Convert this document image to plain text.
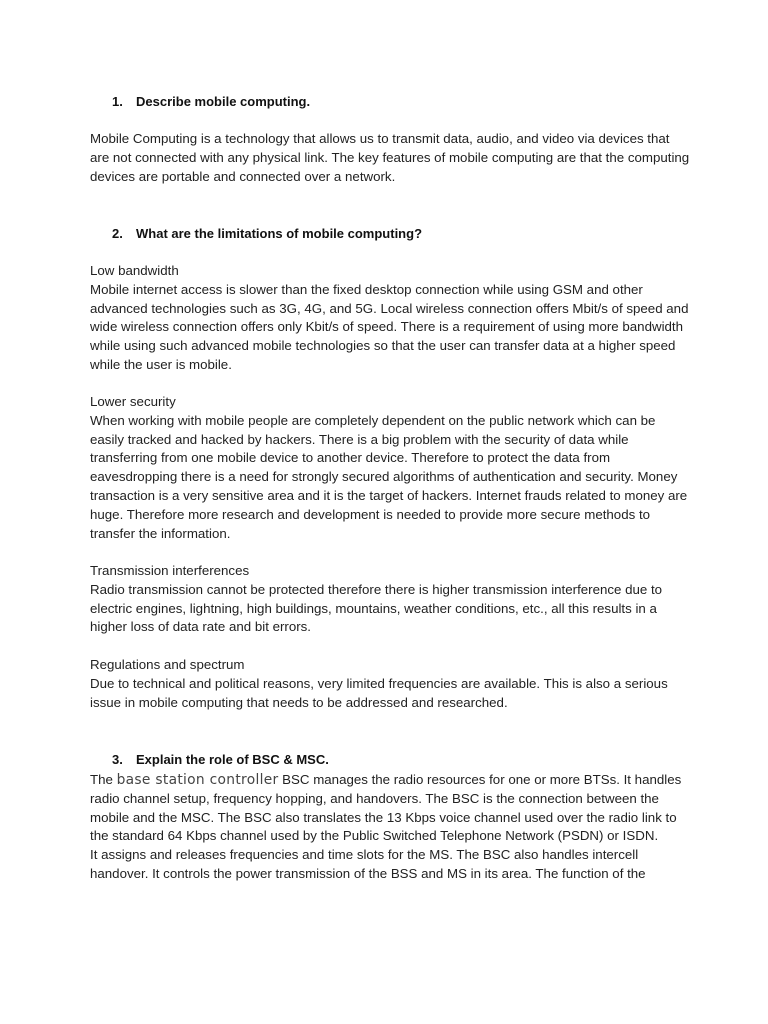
1. Describe mobile computing.

Mobile Computing is a technology that allows us to transmit data, audio, and video via devices that are not connected with any physical link. The key features of mobile computing are that the computing devices are portable and connected over a network.

2. What are the limitations of mobile computing?
Low bandwidth
Mobile internet access is slower than the fixed desktop connection while using GSM and other advanced technologies such as 3G, 4G, and 5G. Local wireless connection offers Mbit/s of speed and wide wireless connection offers only Kbit/s of speed. There is a requirement of using more bandwidth while using such advanced mobile technologies so that the user can transfer data at a higher speed while the user is mobile.
Lower security
When working with mobile people are completely dependent on the public network which can be easily tracked and hacked by hackers. There is a big problem with the security of data while transferring from one mobile device to another device. Therefore to protect the data from eavesdropping there is a need for strongly secured algorithms of authentication and security. Money transaction is a very sensitive area and it is the target of hackers. Internet frauds related to money are huge. Therefore more research and development is needed to provide more secure methods to transfer the information.
Transmission interferences
Radio transmission cannot be protected therefore there is higher transmission interference due to electric engines, lightning, high buildings, mountains, weather conditions, etc., all this results in a higher loss of data rate and bit errors.
Regulations and spectrum
Due to technical and political reasons, very limited frequencies are available. This is also a serious issue in mobile computing that needs to be addressed and researched.
3. Explain the role of BSC & MSC.
The base station controller BSC manages the radio resources for one or more BTSs. It handles radio channel setup, frequency hopping, and handovers. The BSC is the connection between the mobile and the MSC. The BSC also translates the 13 Kbps voice channel used over the radio link to the standard 64 Kbps channel used by the Public Switched Telephone Network (PSDN) or ISDN.
It assigns and releases frequencies and time slots for the MS. The BSC also handles intercell handover. It controls the power transmission of the BSS and MS in its area. The function of the
